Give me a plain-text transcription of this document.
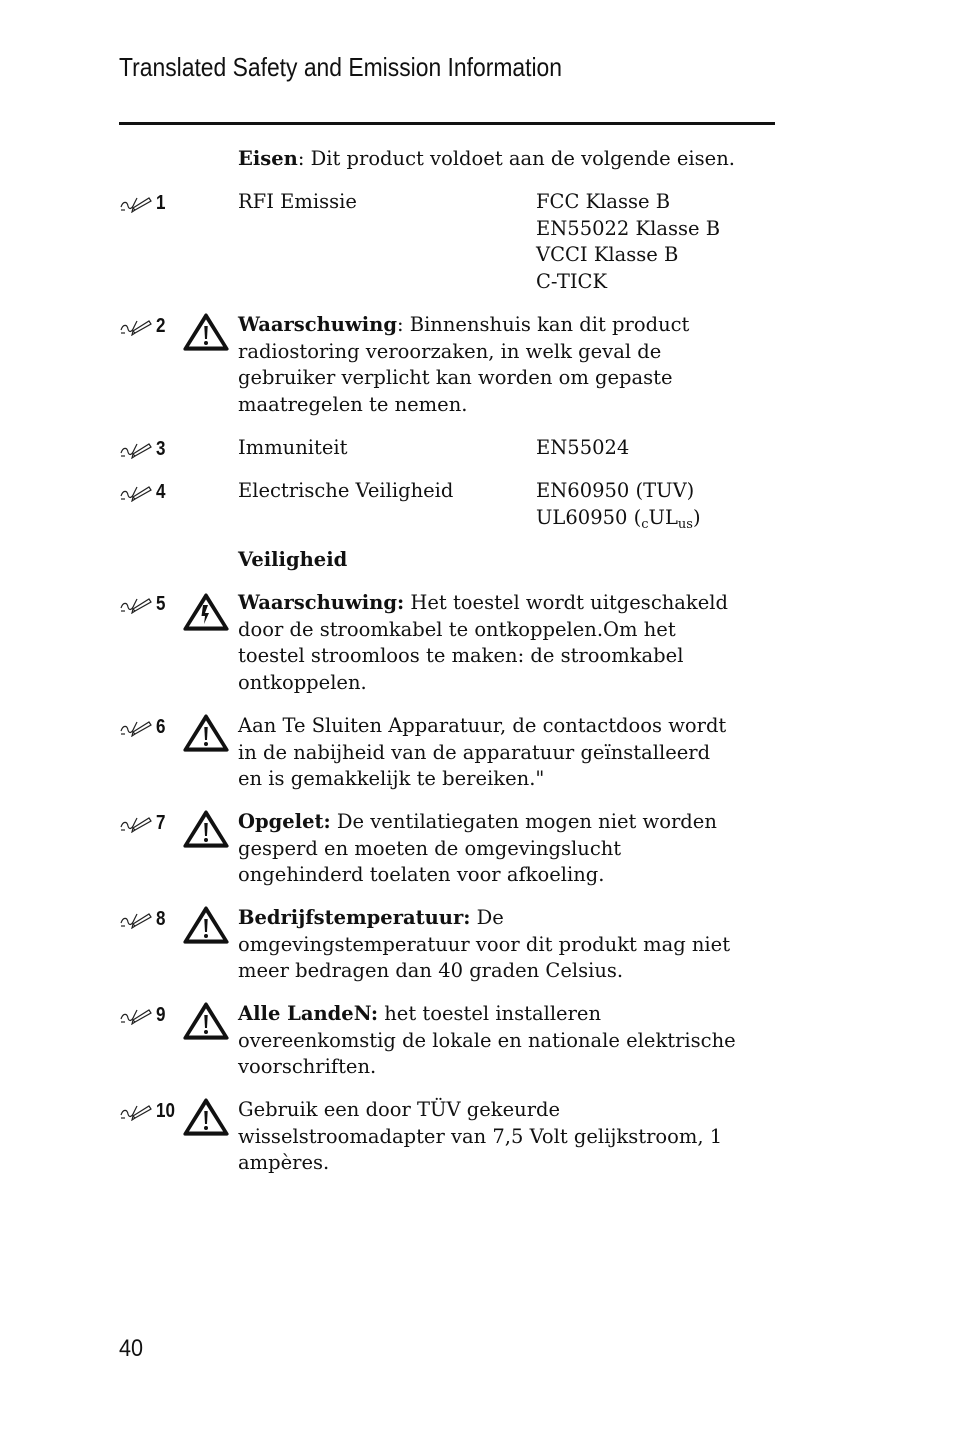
Translated Safety and Emission Information
Eisen: Dit product voldoet aan de volgende eisen.
1	RFI Emissie	FCC Klasse B
EN55022 Klasse B
VCCI Klasse B
C-TICK
2	Waarschuwing: Binnenshuis kan dit product
radiostoring veroorzaken, in welk geval de
gebruiker verplicht kan worden om gepaste
maatregelen te nemen.
3	Immuniteit	EN55024
4	Electrische Veiligheid	EN60950 (TUV)
UL60950 $(_cUL_{us})$
Veiligheid
5	Waarschuwing: Het toestel wordt uitgeschakeld
door de stroomkabel te ontkoppelen.Om het
toestel stroomloos te maken: de stroomkabel
ontkoppelen.
6	Aan Te Sluiten Apparatuur, de contactdoos wordt
in de nabijheid van de apparatuur geïnstalleerd
en is gemakkelijk te bereiken."
7	Opgelet: De ventilatiegaten mogen niet worden
gesperd en moeten de omgevingslucht
ongehinderd toelaten voor afkoeling.
8	Bedrijfstemperatuur: De
omgevingstemperatuur voor dit produkt mag niet
meer bedragen dan 40 graden Celsius.
9	Alle LandeN: het toestel installeren
overeenkomstig de lokale en nationale elektrische
voorschriften.
10	Gebruik een door TÜV gekeurde
wisselstroomadapter van 7,5 Volt gelijkstroom, 1
ampères.
40
